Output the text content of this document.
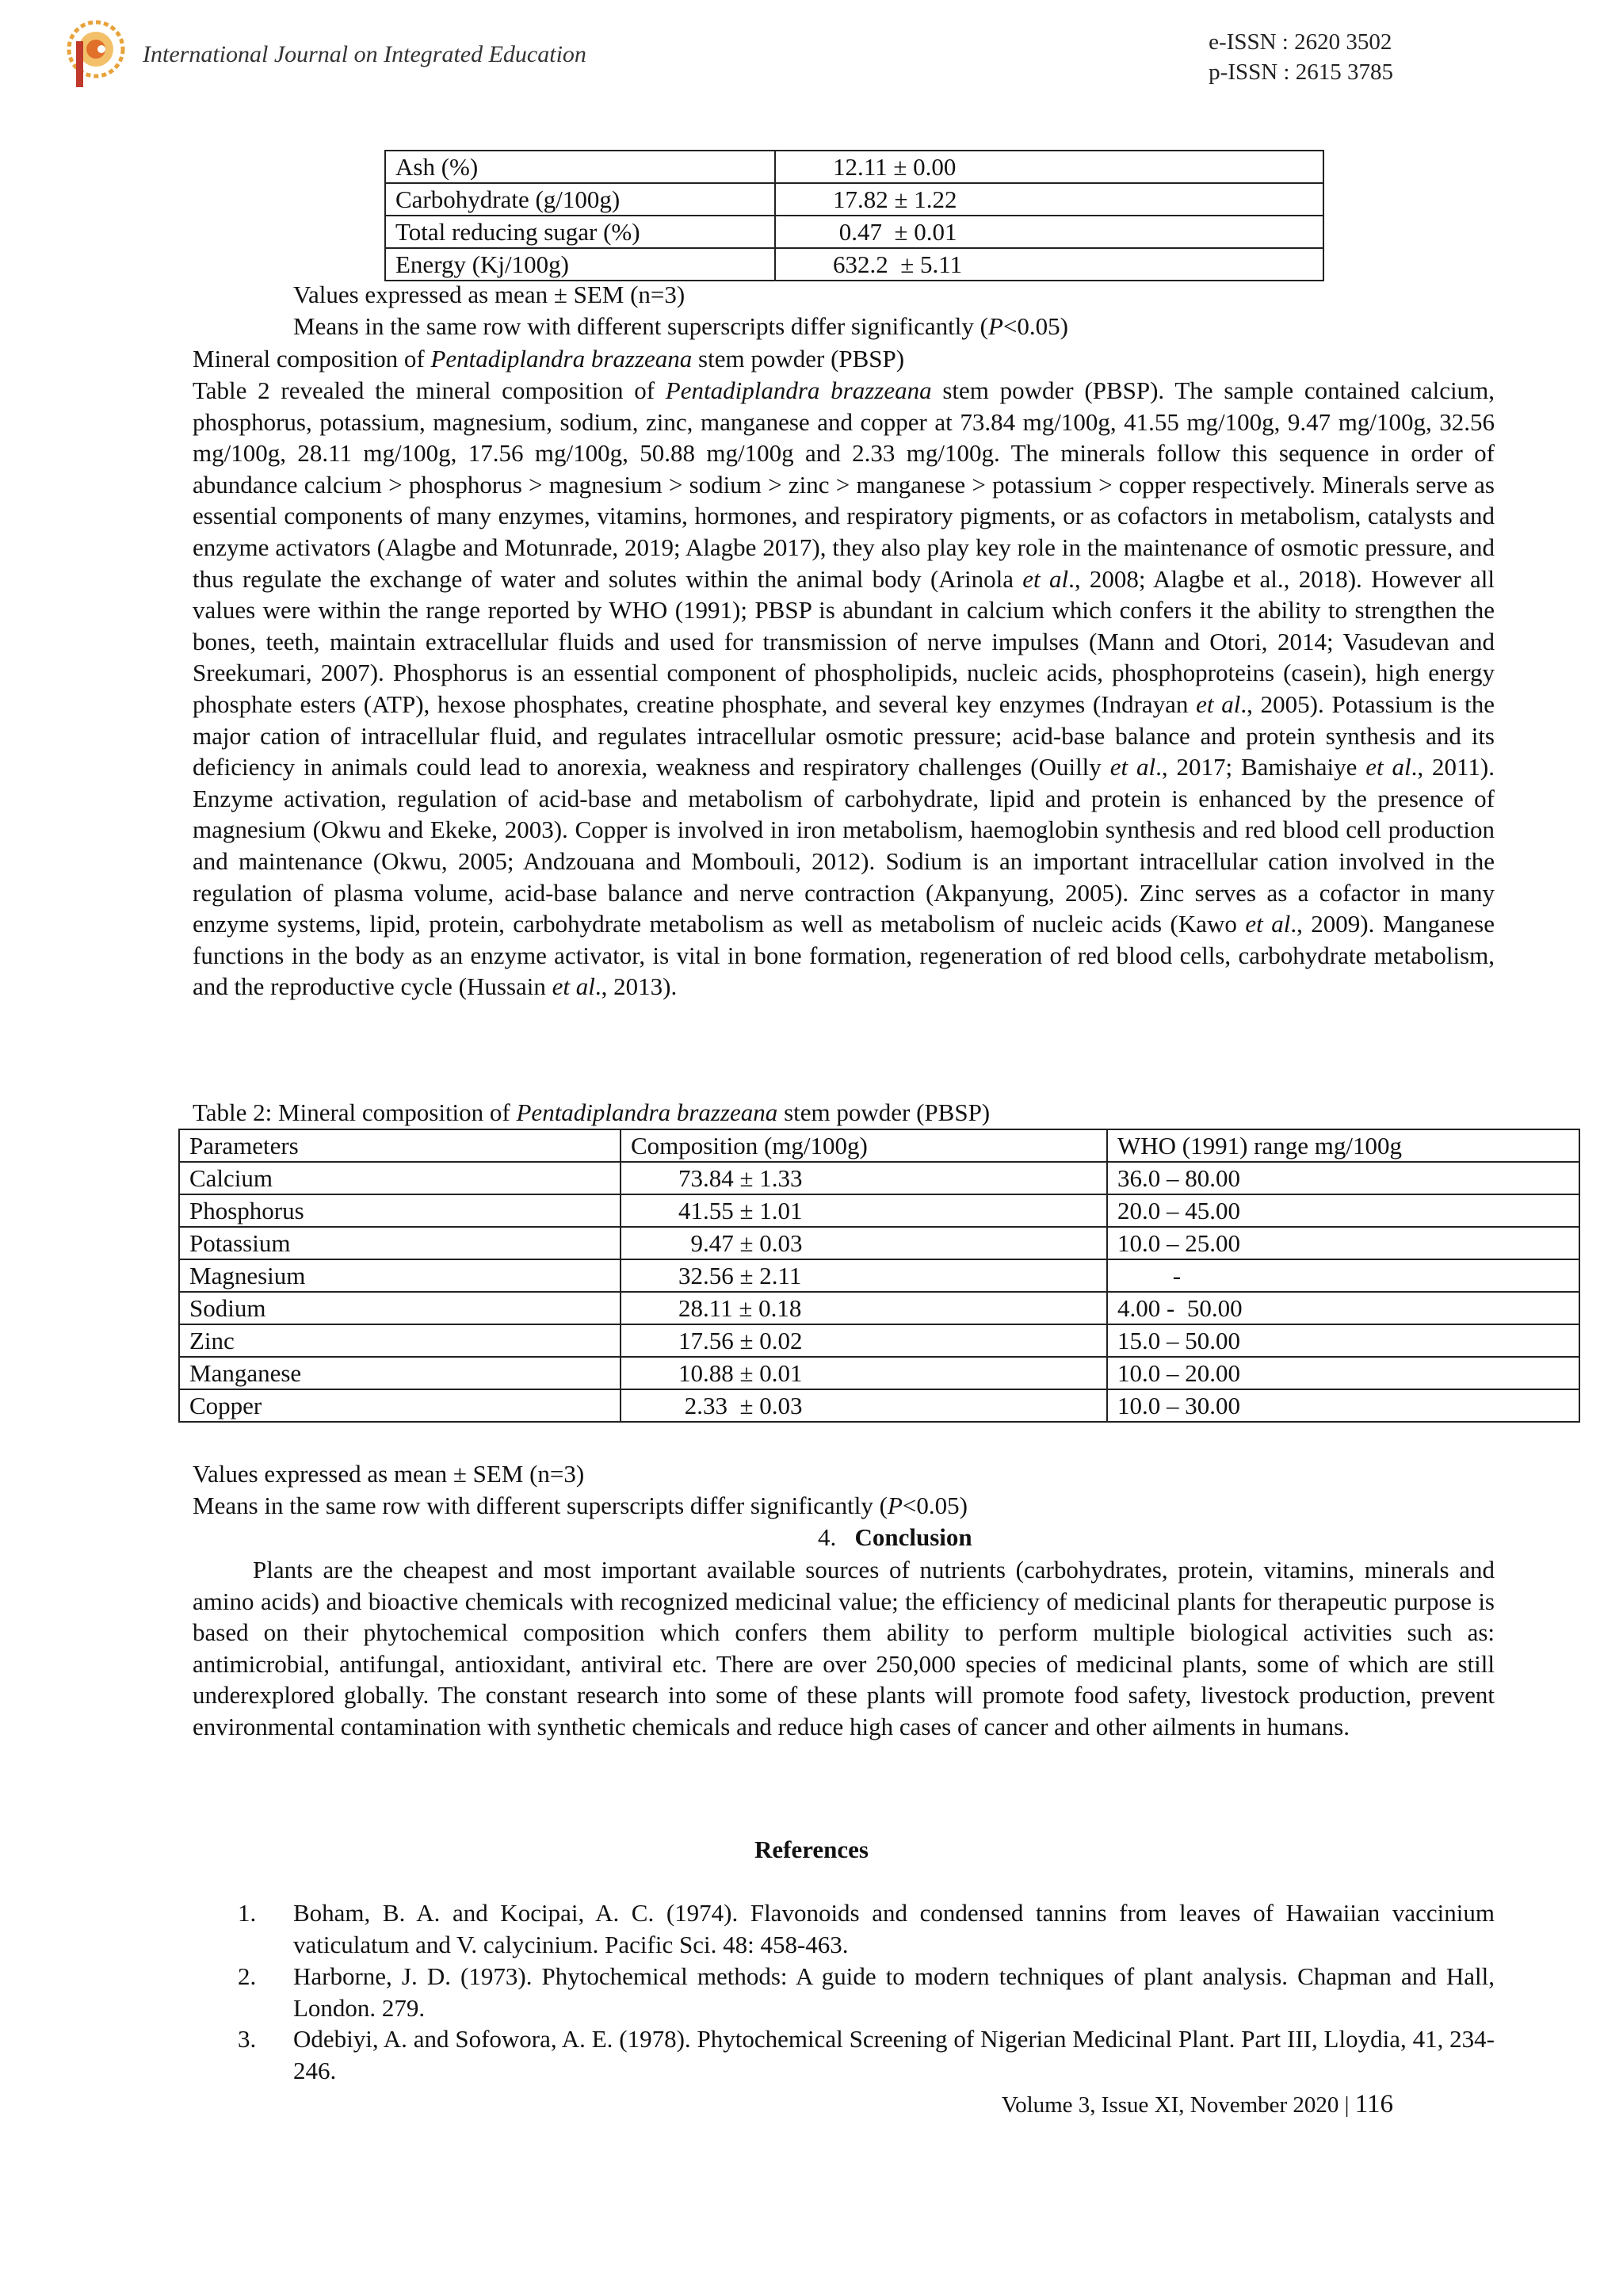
International Journal on Integrated Education	e-ISSN : 2620 3502
p-ISSN : 2615 3785
Ash (%)	12.11 ± 0.00
Carbohydrate (g/100g)	17.82 ± 1.22
Total reducing sugar (%)	0.47  ± 0.01
Energy (Kj/100g)	632.2  ± 5.11
Values expressed as mean ± SEM (n=3)
Means in the same row with different superscripts differ significantly (P<0.05)
Mineral composition of Pentadiplandra brazzeana stem powder (PBSP)
Table 2 revealed the mineral composition of Pentadiplandra brazzeana stem powder (PBSP). The sample contained calcium, phosphorus, potassium, magnesium, sodium, zinc, manganese and copper at 73.84 mg/100g, 41.55 mg/100g, 9.47 mg/100g, 32.56 mg/100g, 28.11 mg/100g, 17.56 mg/100g, 50.88 mg/100g and 2.33 mg/100g. The minerals follow this sequence in order of abundance calcium > phosphorus > magnesium > sodium > zinc > manganese > potassium > copper respectively. Minerals serve as essential components of many enzymes, vitamins, hormones, and respiratory pigments, or as cofactors in metabolism, catalysts and enzyme activators (Alagbe and Motunrade, 2019; Alagbe 2017), they also play key role in the maintenance of osmotic pressure, and thus regulate the exchange of water and solutes within the animal body (Arinola et al., 2008; Alagbe et al., 2018). However all values were within the range reported by WHO (1991); PBSP is abundant in calcium which confers it the ability to strengthen the bones, teeth, maintain extracellular fluids and used for transmission of nerve impulses (Mann and Otori, 2014; Vasudevan and Sreekumari, 2007). Phosphorus is an essential component of phospholipids, nucleic acids, phosphoproteins (casein), high energy phosphate esters (ATP), hexose phosphates, creatine phosphate, and several key enzymes (Indrayan et al., 2005). Potassium is the major cation of intracellular fluid, and regulates intracellular osmotic pressure; acid-base balance and protein synthesis and its deficiency in animals could lead to anorexia, weakness and respiratory challenges (Ouilly et al., 2017; Bamishaiye et al., 2011). Enzyme activation, regulation of acid-base and metabolism of carbohydrate, lipid and protein is enhanced by the presence of magnesium (Okwu and Ekeke, 2003). Copper is involved in iron metabolism, haemoglobin synthesis and red blood cell production and maintenance (Okwu, 2005; Andzouana and Mombouli, 2012). Sodium is an important intracellular cation involved in the regulation of plasma volume, acid-base balance and nerve contraction (Akpanyung, 2005). Zinc serves as a cofactor in many enzyme systems, lipid, protein, carbohydrate metabolism as well as metabolism of nucleic acids (Kawo et al., 2009). Manganese functions in the body as an enzyme activator, is vital in bone formation, regeneration of red blood cells, carbohydrate metabolism, and the reproductive cycle (Hussain et al., 2013).
Table 2: Mineral composition of Pentadiplandra brazzeana stem powder (PBSP)
Parameters	Composition (mg/100g)	WHO (1991) range mg/100g
Calcium	73.84 ± 1.33	36.0 – 80.00
Phosphorus	41.55 ± 1.01	20.0 – 45.00
Potassium	9.47 ± 0.03	10.0 – 25.00
Magnesium	32.56 ± 2.11	-
Sodium	28.11 ± 0.18	4.00 -  50.00
Zinc	17.56 ± 0.02	15.0 – 50.00
Manganese	10.88 ± 0.01	10.0 – 20.00
Copper	2.33  ± 0.03	10.0 – 30.00
Values expressed as mean ± SEM (n=3)
Means in the same row with different superscripts differ significantly (P<0.05)
4. Conclusion
Plants are the cheapest and most important available sources of nutrients (carbohydrates, protein, vitamins, minerals and amino acids) and bioactive chemicals with recognized medicinal value; the efficiency of medicinal plants for therapeutic purpose is based on their phytochemical composition which confers them ability to perform multiple biological activities such as: antimicrobial, antifungal, antioxidant, antiviral etc. There are over 250,000 species of medicinal plants, some of which are still underexplored globally. The constant research into some of these plants will promote food safety, livestock production, prevent environmental contamination with synthetic chemicals and reduce high cases of cancer and other ailments in humans.
References
1. Boham, B. A. and Kocipai, A. C. (1974). Flavonoids and condensed tannins from leaves of Hawaiian vaccinium vaticulatum and V. calycinium. Pacific Sci. 48: 458-463.
2. Harborne, J. D. (1973). Phytochemical methods: A guide to modern techniques of plant analysis. Chapman and Hall, London. 279.
3. Odebiyi, A. and Sofowora, A. E. (1978). Phytochemical Screening of Nigerian Medicinal Plant. Part III, Lloydia, 41, 234- 246.
Volume 3, Issue XI, November 2020 | 116
